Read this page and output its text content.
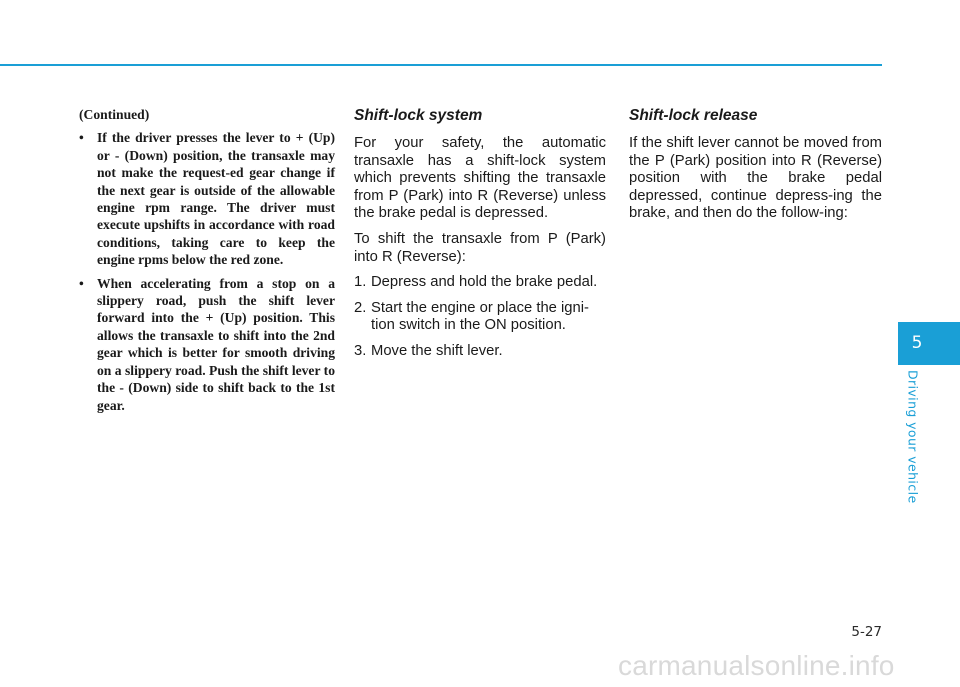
(Continued)

• If the driver presses the lever to + (Up) or - (Down) position, the transaxle may not make the request-ed gear change if the next gear is outside of the allowable engine rpm range. The driver must execute upshifts in accordance with road conditions, taking care to keep the engine rpms below the red zone.

• When accelerating from a stop on a slippery road, push the shift lever forward into the + (Up) position. This allows the transaxle to shift into the 2nd gear which is better for smooth driving on a slippery road. Push the shift lever to the - (Down) side to shift back to the 1st gear.

Shift-lock system

For your safety, the automatic transaxle has a shift-lock system which prevents shifting the transaxle from P (Park) into R (Reverse) unless the brake pedal is depressed.

To shift the transaxle from P (Park) into R (Reverse):

1. Depress and hold the brake pedal.

2. Start the engine or place the igni-tion switch in the ON position.

3. Move the shift lever.

Shift-lock release

If the shift lever cannot be moved from the P (Park) position into R (Reverse) position with the brake pedal depressed, continue depress-ing the brake, and then do the follow-ing:

5
Driving your vehicle
5-27
carmanualsonline.info
